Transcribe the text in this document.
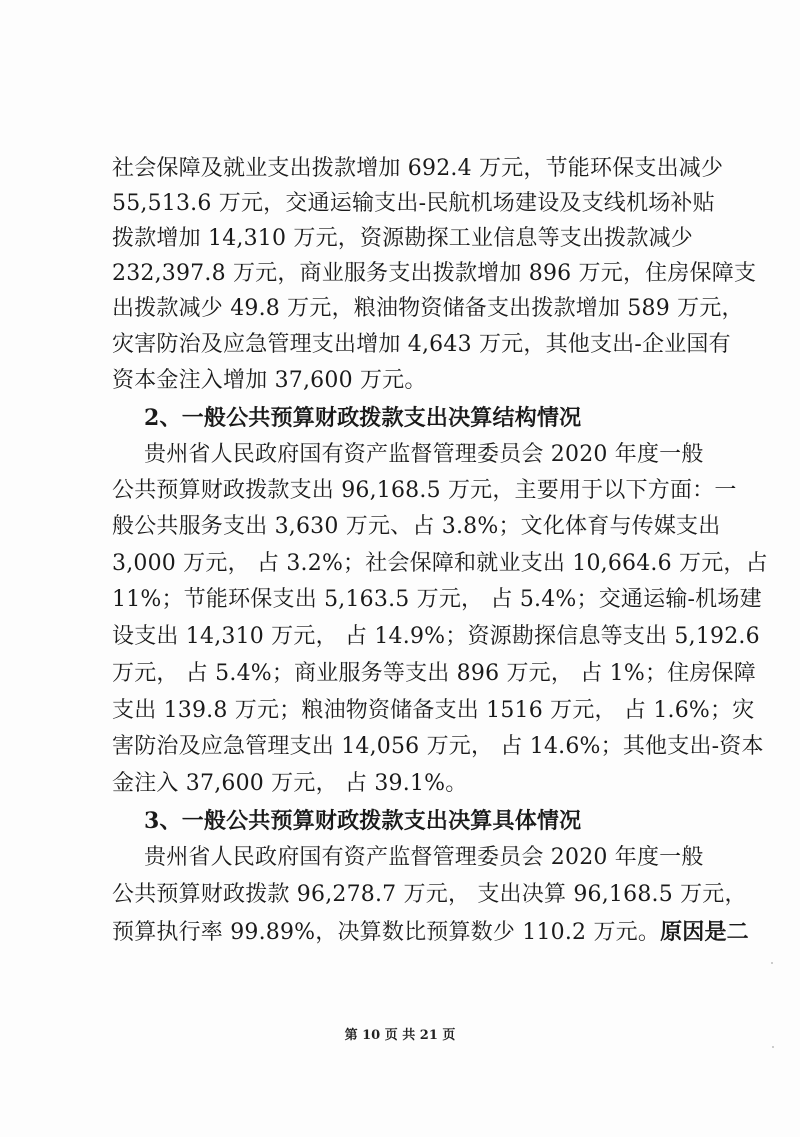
社会保障及就业支出拨款增加 692.4 万元，节能环保支出减少
55,513.6 万元，交通运输支出-民航机场建设及支线机场补贴
拨款增加 14,310 万元，资源勘探工业信息等支出拨款减少
232,397.8 万元，商业服务支出拨款增加 896 万元，住房保障支
出拨款减少 49.8 万元，粮油物资储备支出拨款增加 589 万元，
灾害防治及应急管理支出增加 4,643 万元，其他支出-企业国有
资本金注入增加 37,600 万元。
2、一般公共预算财政拨款支出决算结构情况
贵州省人民政府国有资产监督管理委员会 2020 年度一般
公共预算财政拨款支出 96,168.5 万元，主要用于以下方面：一
般公共服务支出 3,630 万元、占 3.8%；文化体育与传媒支出
3,000 万元， 占 3.2%；社会保障和就业支出 10,664.6 万元，占
11%；节能环保支出 5,163.5 万元， 占 5.4%；交通运输-机场建
设支出 14,310 万元， 占 14.9%；资源勘探信息等支出 5,192.6
万元， 占 5.4%；商业服务等支出 896 万元， 占 1%；住房保障
支出 139.8 万元；粮油物资储备支出 1516 万元， 占 1.6%；灾
害防治及应急管理支出 14,056 万元， 占 14.6%；其他支出-资本
金注入 37,600 万元， 占 39.1%。
3、一般公共预算财政拨款支出决算具体情况
贵州省人民政府国有资产监督管理委员会 2020 年度一般
公共预算财政拨款 96,278.7 万元， 支出决算 96,168.5 万元，
预算执行率 99.89%，决算数比预算数少 110.2 万元。原因是二
第 10 页 共 21 页
